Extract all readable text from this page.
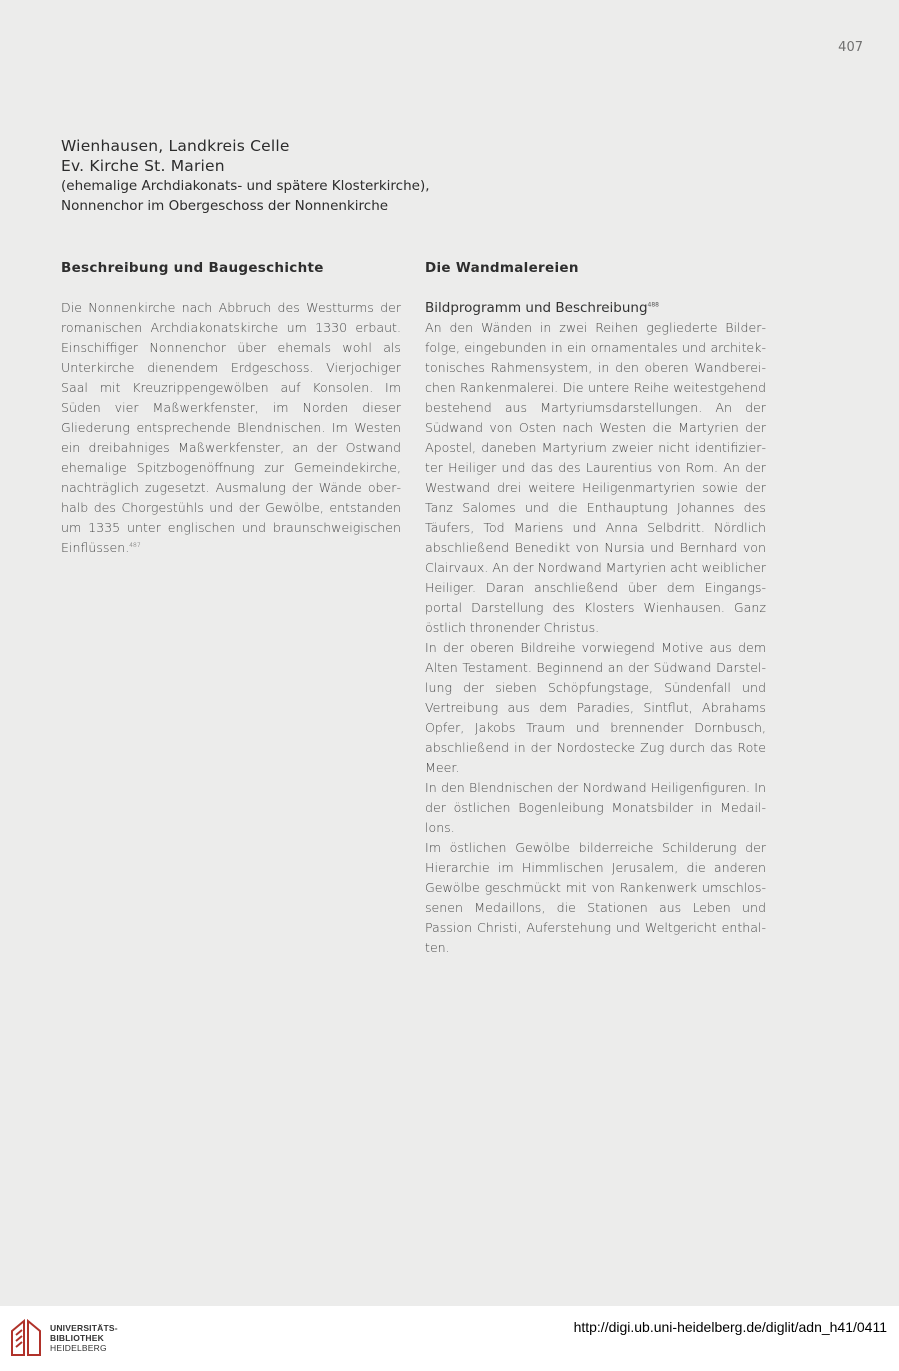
407
Wienhausen, Landkreis Celle
Ev. Kirche St. Marien
(ehemalige Archdiakonats- und spätere Klosterkirche),
Nonnenchor im Obergeschoss der Nonnenkirche
Beschreibung und Baugeschichte

Die Nonnenkirche nach Abbruch des Westturms der romanischen Archdiakonatskirche um 1330 erbaut. Einschiffiger Nonnenchor über ehemals wohl als Unterkirche dienendem Erdgeschoss. Vierjochiger Saal mit Kreuzrippengewölben auf Konsolen. Im Süden vier Maßwerkfenster, im Norden dieser Gliederung entsprechende Blendnischen. Im Westen ein dreibahniges Maßwerkfenster, an der Ostwand ehemalige Spitzbogenöffnung zur Gemeindekirche, nachträglich zugesetzt. Ausmalung der Wände oberhalb des Chorgestühls und der Gewölbe, entstanden um 1335 unter englischen und braunschweigischen Einflüssen.$^{487}$

Die Wandmalereien
Bildprogramm und Beschreibung$^{488}$

An den Wänden in zwei Reihen gegliederte Bilderfolge, eingebunden in ein ornamentales und architektonisches Rahmensystem, in den oberen Wandbereichen Rankenmalerei. Die untere Reihe weitestgehend bestehend aus Martyriumsdarstellungen. An der Südwand von Osten nach Westen die Martyrien der Apostel, daneben Martyrium zweier nicht identifizierter Heiliger und das des Laurentius von Rom. An der Westwand drei weitere Heiligenmartyrien sowie der Tanz Salomes und die Enthauptung Johannes des Täufers, Tod Mariens und Anna Selbdritt. Nördlich abschließend Benedikt von Nursia und Bernhard von Clairvaux. An der Nordwand Martyrien acht weiblicher Heiliger. Daran anschließend über dem Eingangsportal Darstellung des Klosters Wienhausen. Ganz östlich thronender Christus.

In der oberen Bildreihe vorwiegend Motive aus dem Alten Testament. Beginnend an der Südwand Darstellung der sieben Schöpfungstage, Sündenfall und Vertreibung aus dem Paradies, Sintflut, Abrahams Opfer, Jakobs Traum und brennender Dornbusch, abschließend in der Nordostecke Zug durch das Rote Meer.

In den Blendnischen der Nordwand Heiligenfiguren. In der östlichen Bogenleibung Monatsbilder in Medaillons.

Im östlichen Gewölbe bilderreiche Schilderung der Hierarchie im Himmlischen Jerusalem, die anderen Gewölbe geschmückt mit von Rankenwerk umschlossenen Medaillons, die Stationen aus Leben und Passion Christi, Auferstehung und Weltgericht enthalten.

UNIVERSITÄTS-
BIBLIOTHEK
HEIDELBERG
http://digi.ub.uni-heidelberg.de/diglit/adn_h41/0411
